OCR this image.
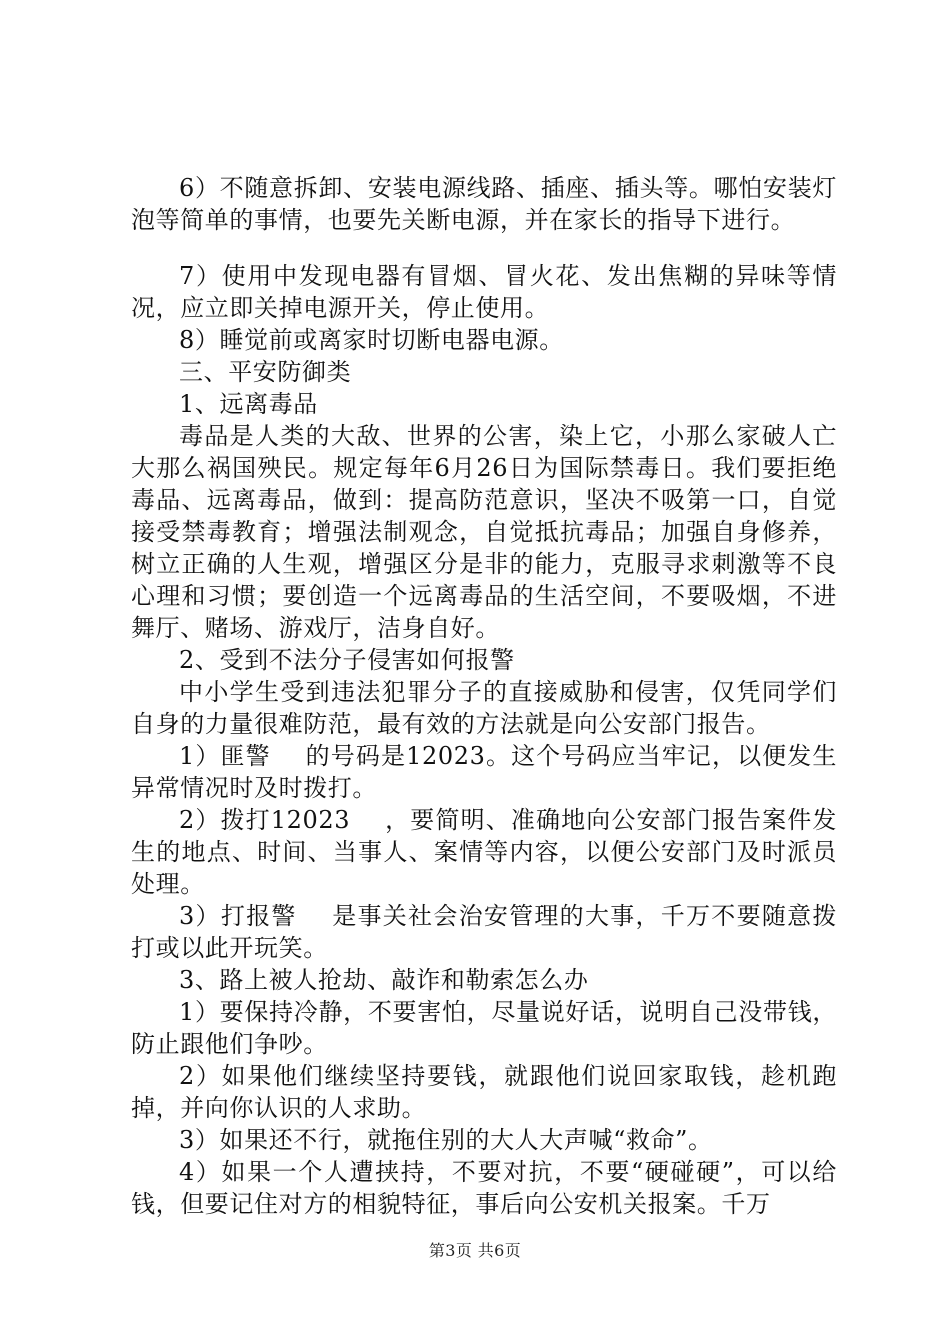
6）不随意拆卸、安装电源线路、插座、插头等。哪怕安装灯泡等简单的事情，也要先关断电源，并在家长的指导下进行。

7）使用中发现电器有冒烟、冒火花、发出焦糊的异味等情况，应立即关掉电源开关，停止使用。

8）睡觉前或离家时切断电器电源。

三、平安防御类

1、远离毒品

毒品是人类的大敌、世界的公害，染上它，小那么家破人亡大那么祸国殃民。规定每年6月26日为国际禁毒日。我们要拒绝毒品、远离毒品，做到：提高防范意识，坚决不吸第一口，自觉接受禁毒教育；增强法制观念，自觉抵抗毒品；加强自身修养，树立正确的人生观，增强区分是非的能力，克服寻求刺激等不良心理和习惯；要创造一个远离毒品的生活空间，不要吸烟，不进舞厅、赌场、游戏厅，洁身自好。

2、受到不法分子侵害如何报警

中小学生受到违法犯罪分子的直接威胁和侵害，仅凭同学们自身的力量很难防范，最有效的方法就是向公安部门报告。

1）匪警    的号码是12023。这个号码应当牢记，以便发生异常情况时及时拨打。

2）拨打12023    ，要简明、准确地向公安部门报告案件发生的地点、时间、当事人、案情等内容，以便公安部门及时派员处理。

3）打报警    是事关社会治安管理的大事，千万不要随意拨打或以此开玩笑。

3、路上被人抢劫、敲诈和勒索怎么办

1）要保持冷静，不要害怕，尽量说好话，说明自己没带钱，防止跟他们争吵。

2）如果他们继续坚持要钱，就跟他们说回家取钱，趁机跑掉，并向你认识的人求助。

3）如果还不行，就拖住别的大人大声喊“救命”。

4）如果一个人遭挟持，不要对抗，不要“硬碰硬”，可以给钱，但要记住对方的相貌特征，事后向公安机关报案。千万

第3页 共6页
